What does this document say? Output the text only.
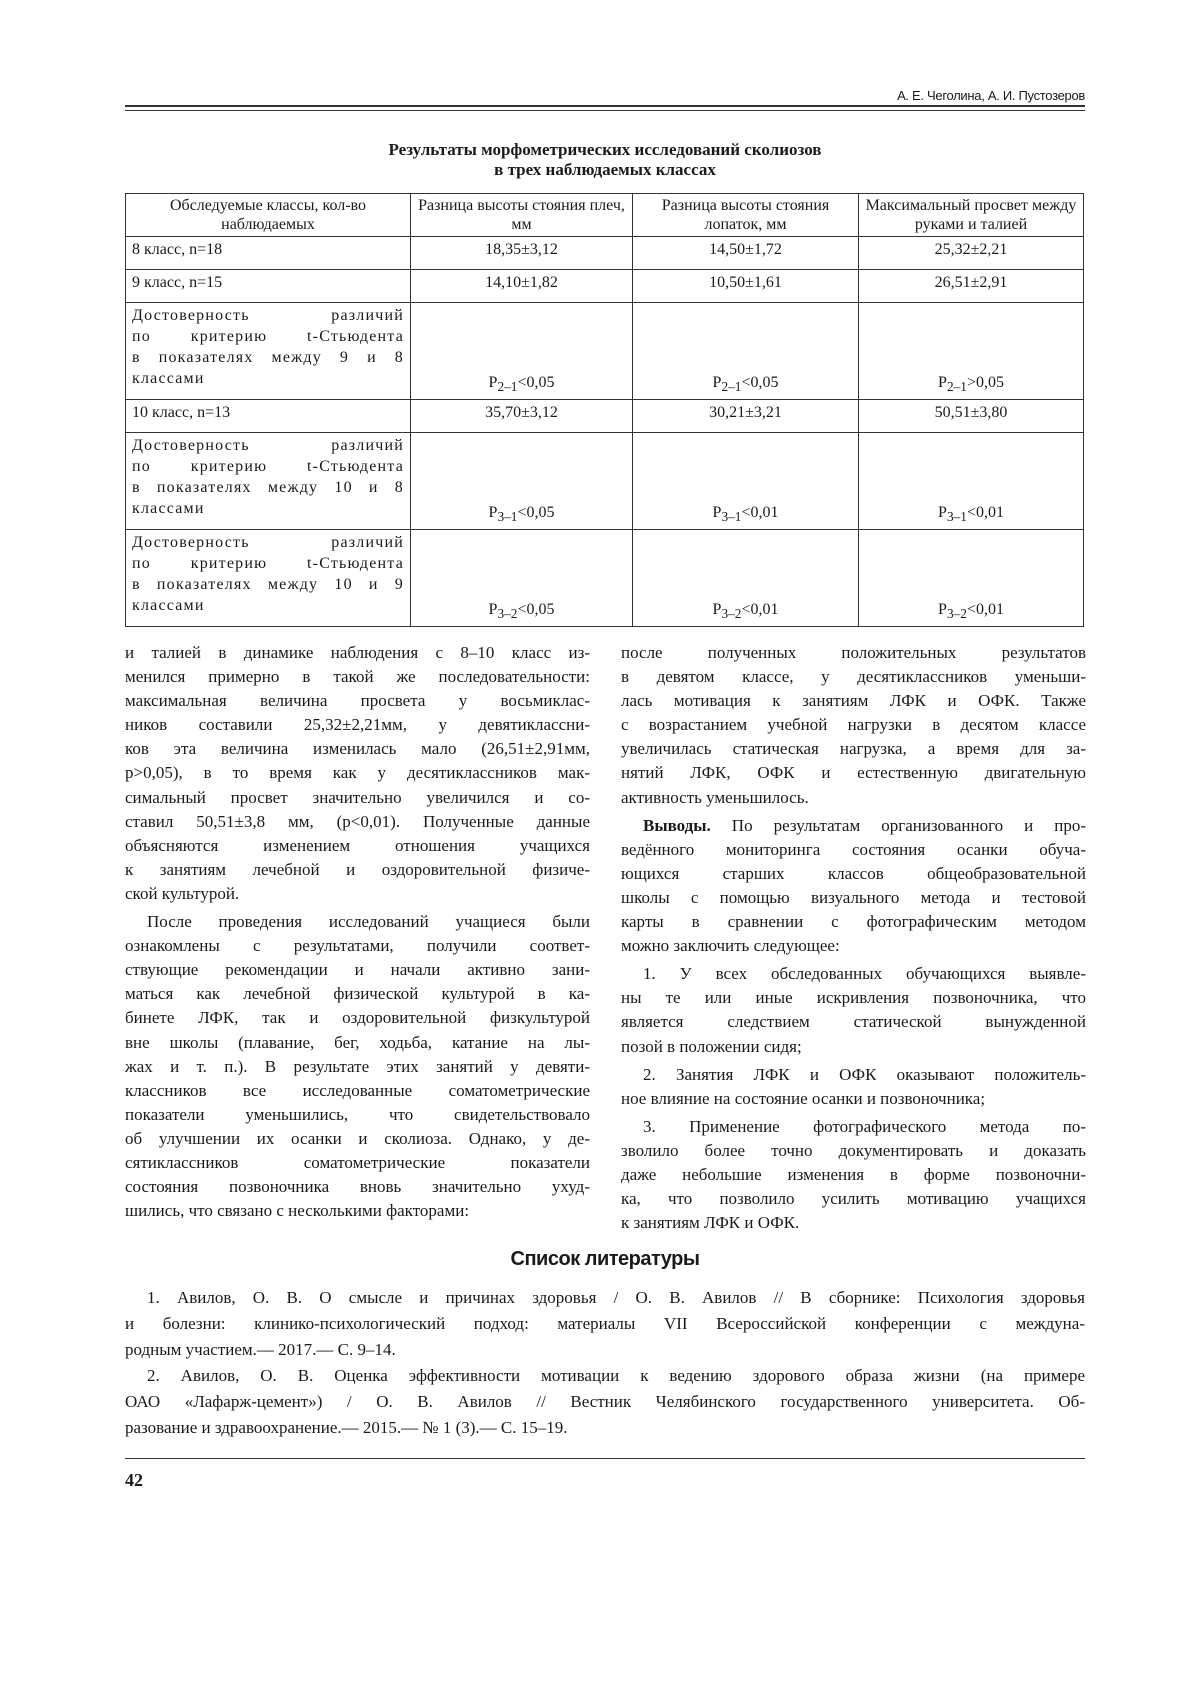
А. Е. Чеголина, А. И. Пустозеров
Результаты морфометрических исследований сколиозов
в трех наблюдаемых классах
Обследуемые классы, кол-во наблюдаемых	Разница высоты стояния плеч, мм	Разница высоты стояния лопаток, мм	Максимальный просвет между руками и талией
8 класс, n=18	18,35±3,12	14,50±1,72	25,32±2,21
9 класс, n=15	14,10±1,82	10,50±1,61	26,51±2,91

Достоверность различий
по критерию t-Стьюдента
в показателях между 9 и 8
классами	$P_{2-1}<0,05$	$P_{2-1}<0,05$	$P_{2-1}>0,05$
10 класс, n=13	35,70±3,12	30,21±3,21	50,51±3,80

Достоверность различий
по критерию t-Стьюдента
в показателях между 10 и 8
классами	$P_{3-1}<0,05$	$P_{3-1}<0,01$	$P_{3-1}<0,01$

Достоверность различий
по критерию t-Стьюдента
в показателях между 10 и 9
классами	$P_{3-2}<0,05$	$P_{3-2}<0,01$	$P_{3-2}<0,01$
и талией в динамике наблюдения с 8–10 класс из-
менился примерно в такой же последовательности:
максимальная величина просвета у восьмиклас-
ников составили 25,32±2,21мм, у девятиклассни-
ков эта величина изменилась мало (26,51±2,91мм,
p>0,05), в то время как у десятиклассников мак-
симальный просвет значительно увеличился и со-
ставил 50,51±3,8 мм, (p<0,01). Полученные данные
объясняются изменением отношения учащихся
к занятиям лечебной и оздоровительной физиче-
ской культурой.
После проведения исследований учащиеся были
ознакомлены с результатами, получили соответ-
ствующие рекомендации и начали активно зани-
маться как лечебной физической культурой в ка-
бинете ЛФК, так и оздоровительной физкультурой
вне школы (плавание, бег, ходьба, катание на лы-
жах и т. п.). В результате этих занятий у девяти-
классников все исследованные соматометрические
показатели уменьшились, что свидетельствовало
об улучшении их осанки и сколиоза. Однако, у де-
сятиклассников соматометрические показатели
состояния позвоночника вновь значительно ухуд-
шились, что связано с несколькими факторами:
после полученных положительных результатов
в девятом классе, у десятиклассников уменьши-
лась мотивация к занятиям ЛФК и ОФК. Также
с возрастанием учебной нагрузки в десятом классе
увеличилась статическая нагрузка, а время для за-
нятий ЛФК, ОФК и естественную двигательную
активность уменьшилось.
Выводы. По результатам организованного и про-
ведённого мониторинга состояния осанки обуча-
ющихся старших классов общеобразовательной
школы с помощью визуального метода и тестовой
карты в сравнении с фотографическим методом
можно заключить следующее:
1. У всех обследованных обучающихся выявле-
ны те или иные искривления позвоночника, что
является следствием статической вынужденной
позой в положении сидя;
2. Занятия ЛФК и ОФК оказывают положитель-
ное влияние на состояние осанки и позвоночника;
3. Применение фотографического метода по-
зволило более точно документировать и доказать
даже небольшие изменения в форме позвоночни-
ка, что позволило усилить мотивацию учащихся
к занятиям ЛФК и ОФК.
Список литературы
1. Авилов, О. В. О смысле и причинах здоровья / О. В. Авилов // В сборнике: Психология здоровья
и болезни: клинико-психологический подход: материалы VII Всероссийской конференции с междуна-
родным участием.— 2017.— С. 9–14.
2. Авилов, О. В. Оценка эффективности мотивации к ведению здорового образа жизни (на примере
ОАО «Лафарж-цемент») / О. В. Авилов // Вестник Челябинского государственного университета. Об-
разование и здравоохранение.— 2015.— № 1 (3).— С. 15–19.
42
